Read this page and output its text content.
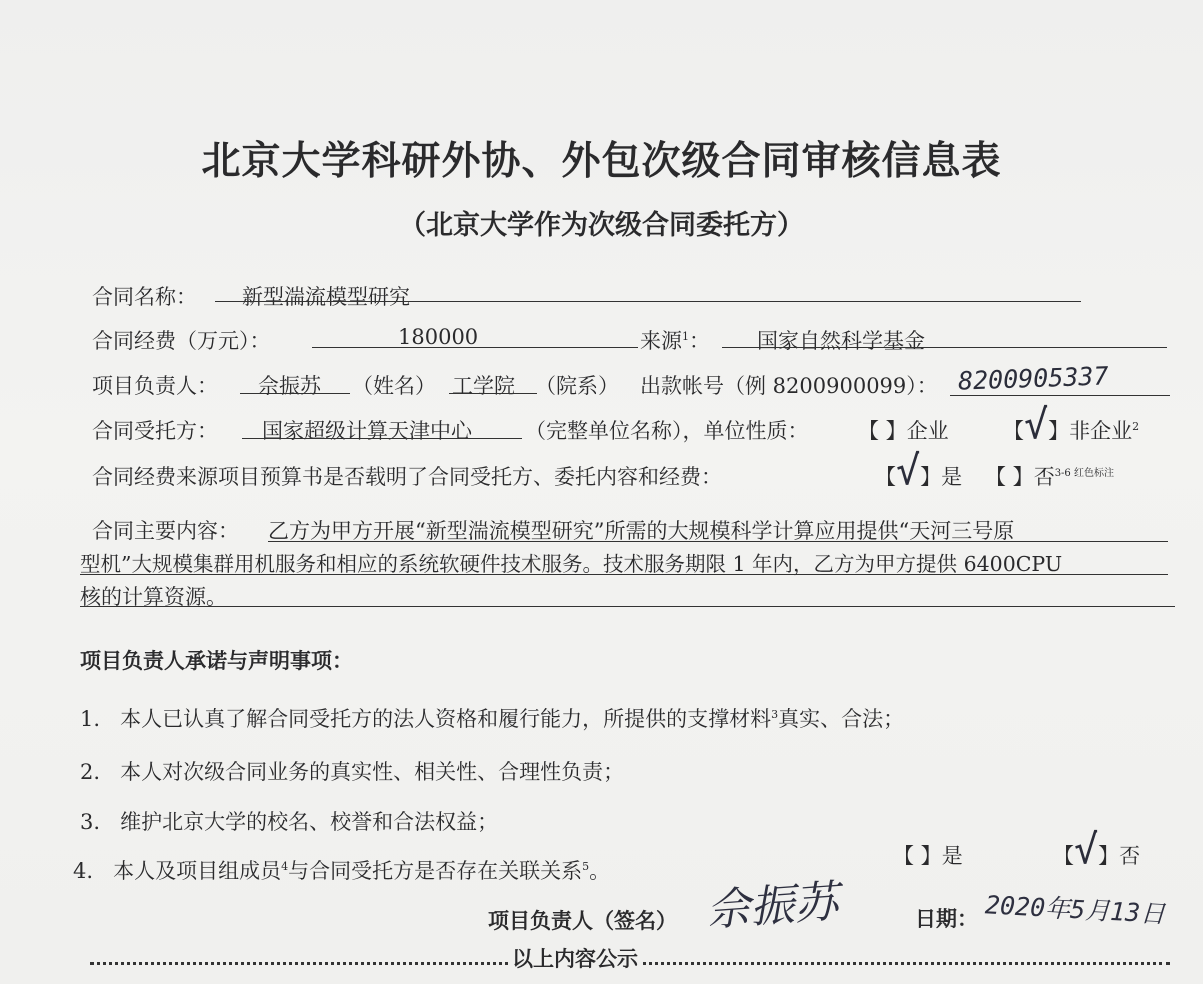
北京大学科研外协、外包次级合同审核信息表
（北京大学作为次级合同委托方）
合同名称： 新型湍流模型研究
合同经费（万元）：	180000	来源$^1$： 国家自然科学基金
项目负责人： 佘振苏 （姓名） 工学院 （院系） 出款帐号（例 8200900099）： 8200905337
合同受托方： 国家超级计算天津中心	（完整单位名称），单位性质： 【 】企业	【√】非企业$^2$
合同经费来源项目预算书是否载明了合同受托方、委托内容和经费：	【√】是 【 】否$^{3-6 红色标注}$
合同主要内容： 乙方为甲方开展“新型湍流模型研究”所需的大规模科学计算应用提供“天河三号原
型机”大规模集群用机服务和相应的系统软硬件技术服务。技术服务期限 1 年内，乙方为甲方提供 6400CPU
核的计算资源。
项目负责人承诺与声明事项：
1. 本人已认真了解合同受托方的法人资格和履行能力，所提供的支撑材料$^3$真实、合法；
2. 本人对次级合同业务的真实性、相关性、合理性负责；
3. 维护北京大学的校名、校誉和合法权益；
4. 本人及项目组成员$^4$与合同受托方是否存在关联关系$^5$。
【 】是	【√】否
项目负责人（签名） 佘振苏	日期： 2020年5月13日
以上内容公示
